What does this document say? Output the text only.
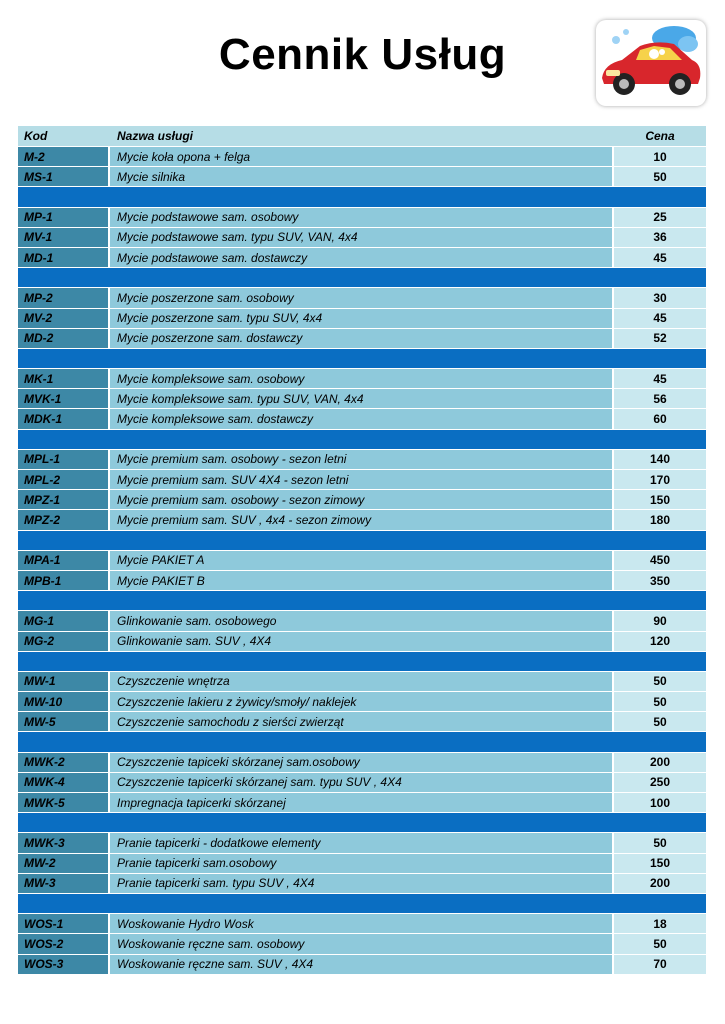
Cennik Usług
Kod	Nazwa usługi	Cena
M-2	Mycie koła opona + felga	10
MS-1	Mycie silnika	50
MP-1	Mycie podstawowe sam. osobowy	25
MV-1	Mycie podstawowe sam. typu SUV, VAN, 4x4	36
MD-1	Mycie podstawowe sam. dostawczy	45
MP-2	Mycie poszerzone sam. osobowy	30
MV-2	Mycie poszerzone sam. typu SUV, 4x4	45
MD-2	Mycie poszerzone sam. dostawczy	52
MK-1	Mycie kompleksowe sam. osobowy	45
MVK-1	Mycie kompleksowe sam. typu SUV, VAN, 4x4	56
MDK-1	Mycie kompleksowe sam. dostawczy	60
MPL-1	Mycie premium sam. osobowy - sezon letni	140
MPL-2	Mycie premium sam. SUV 4X4 - sezon letni	170
MPZ-1	Mycie premium sam. osobowy - sezon zimowy	150
MPZ-2	Mycie premium sam. SUV , 4x4 - sezon zimowy	180
MPA-1	Mycie PAKIET A	450
MPB-1	Mycie PAKIET B	350
MG-1	Glinkowanie sam. osobowego	90
MG-2	Glinkowanie sam. SUV , 4X4	120
MW-1	Czyszczenie wnętrza	50
MW-10	Czyszczenie lakieru z żywicy/smoły/ naklejek	50
MW-5	Czyszczenie samochodu z sierści zwierząt	50
MWK-2	Czyszczenie tapiceki skórzanej sam.osobowy	200
MWK-4	Czyszczenie tapicerki skórzanej sam. typu SUV , 4X4	250
MWK-5	Impregnacja tapicerki skórzanej	100
MWK-3	Pranie tapicerki - dodatkowe elementy	50
MW-2	Pranie tapicerki sam.osobowy	150
MW-3	Pranie tapicerki sam. typu SUV , 4X4	200
WOS-1	Woskowanie Hydro Wosk	18
WOS-2	Woskowanie ręczne sam. osobowy	50
WOS-3	Woskowanie ręczne sam. SUV , 4X4	70
